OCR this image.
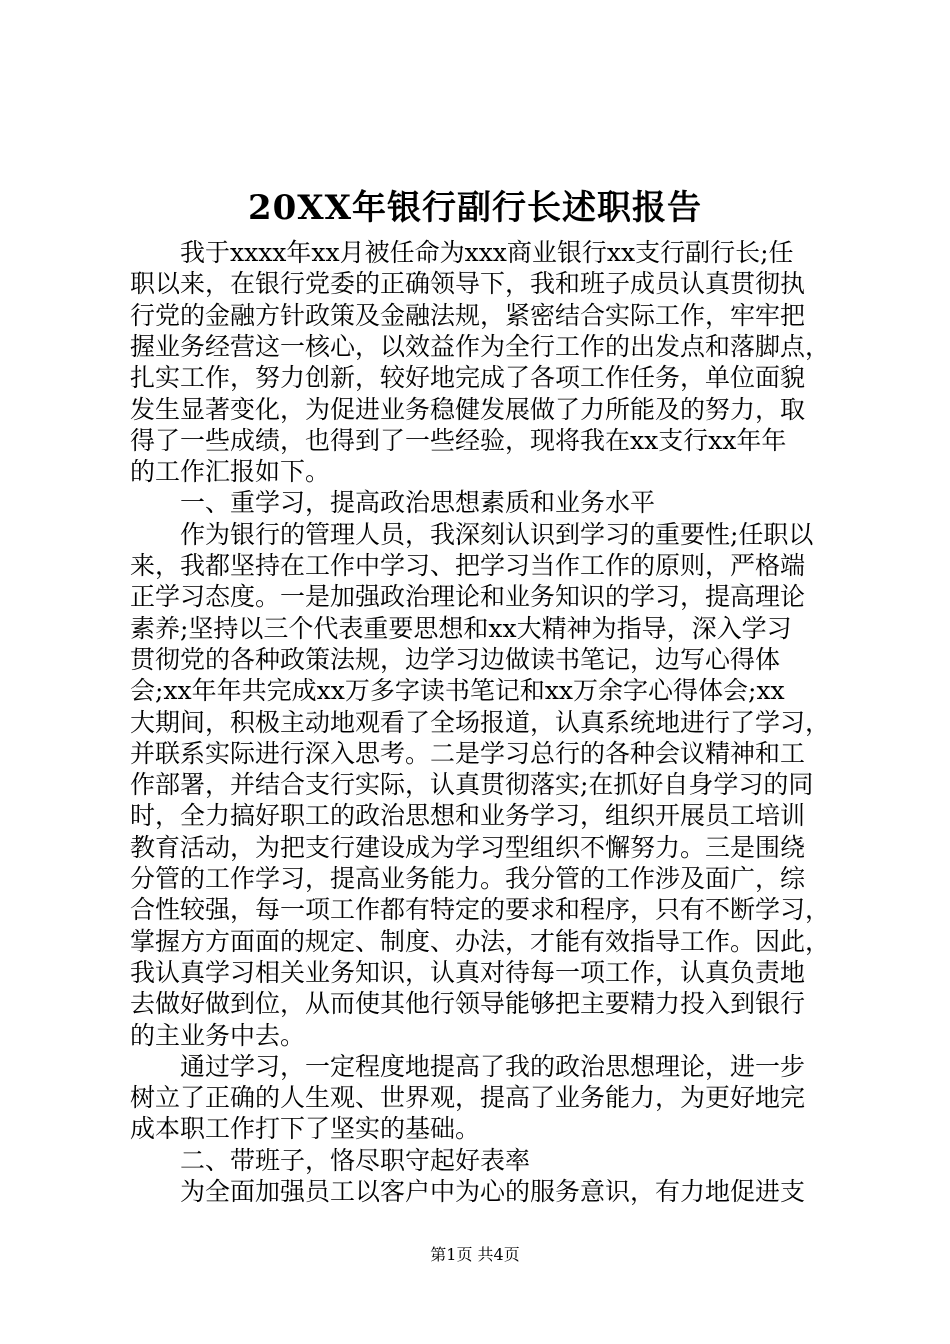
20XX年银行副行长述职报告
　　我于xxxx年xx月被任命为xxx商业银行xx支行副行长;任
职以来，在银行党委的正确领导下，我和班子成员认真贯彻执
行党的金融方针政策及金融法规，紧密结合实际工作，牢牢把
握业务经营这一核心，以效益作为全行工作的出发点和落脚点，
扎实工作，努力创新，较好地完成了各项工作任务，单位面貌
发生显著变化，为促进业务稳健发展做了力所能及的努力，取
得了一些成绩，也得到了一些经验，现将我在xx支行xx年年
的工作汇报如下。
　　一、重学习，提高政治思想素质和业务水平
　　作为银行的管理人员，我深刻认识到学习的重要性;任职以
来，我都坚持在工作中学习、把学习当作工作的原则，严格端
正学习态度。一是加强政治理论和业务知识的学习，提高理论
素养;坚持以三个代表重要思想和xx大精神为指导，深入学习
贯彻党的各种政策法规，边学习边做读书笔记，边写心得体
会;xx年年共完成xx万多字读书笔记和xx万余字心得体会;xx
大期间，积极主动地观看了全场报道，认真系统地进行了学习，
并联系实际进行深入思考。二是学习总行的各种会议精神和工
作部署，并结合支行实际，认真贯彻落实;在抓好自身学习的同
时，全力搞好职工的政治思想和业务学习，组织开展员工培训
教育活动，为把支行建设成为学习型组织不懈努力。三是围绕
分管的工作学习，提高业务能力。我分管的工作涉及面广，综
合性较强，每一项工作都有特定的要求和程序，只有不断学习，
掌握方方面面的规定、制度、办法，才能有效指导工作。因此，
我认真学习相关业务知识，认真对待每一项工作，认真负责地
去做好做到位，从而使其他行领导能够把主要精力投入到银行
的主业务中去。
　　通过学习，一定程度地提高了我的政治思想理论，进一步
树立了正确的人生观、世界观，提高了业务能力，为更好地完
成本职工作打下了坚实的基础。
　　二、带班子，恪尽职守起好表率
　　为全面加强员工以客户中为心的服务意识，有力地促进支
第1页 共4页
